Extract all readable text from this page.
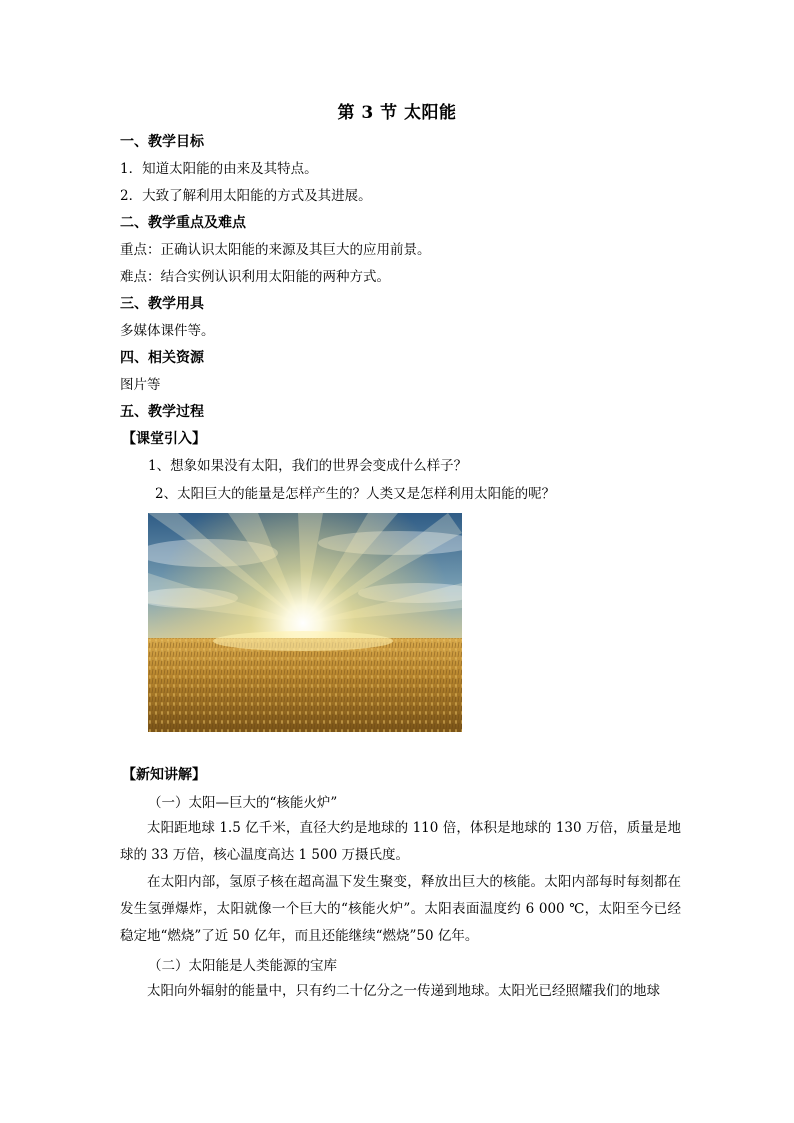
第 3 节 太阳能
一、教学目标
1．知道太阳能的由来及其特点。
2．大致了解利用太阳能的方式及其进展。
二、教学重点及难点
重点：正确认识太阳能的来源及其巨大的应用前景。
难点：结合实例认识利用太阳能的两种方式。
三、教学用具
多媒体课件等。
四、相关资源
图片等
五、教学过程
【课堂引入】
1、想象如果没有太阳，我们的世界会变成什么样子？
2、太阳巨大的能量是怎样产生的？人类又是怎样利用太阳能的呢？
【新知讲解】
（一）太阳—巨大的“核能火炉”
太阳距地球 1.5 亿千米，直径大约是地球的 110 倍，体积是地球的 130 万倍，质量是地球的 33 万倍，核心温度高达 1 500 万摄氏度。
在太阳内部，氢原子核在超高温下发生聚变，释放出巨大的核能。太阳内部每时每刻都在发生氢弹爆炸，太阳就像一个巨大的“核能火炉”。太阳表面温度约 6 000 ℃，太阳至今已经稳定地“燃烧”了近 50 亿年，而且还能继续“燃烧”50 亿年。
（二）太阳能是人类能源的宝库
太阳向外辐射的能量中，只有约二十亿分之一传递到地球。太阳光已经照耀我们的地球
